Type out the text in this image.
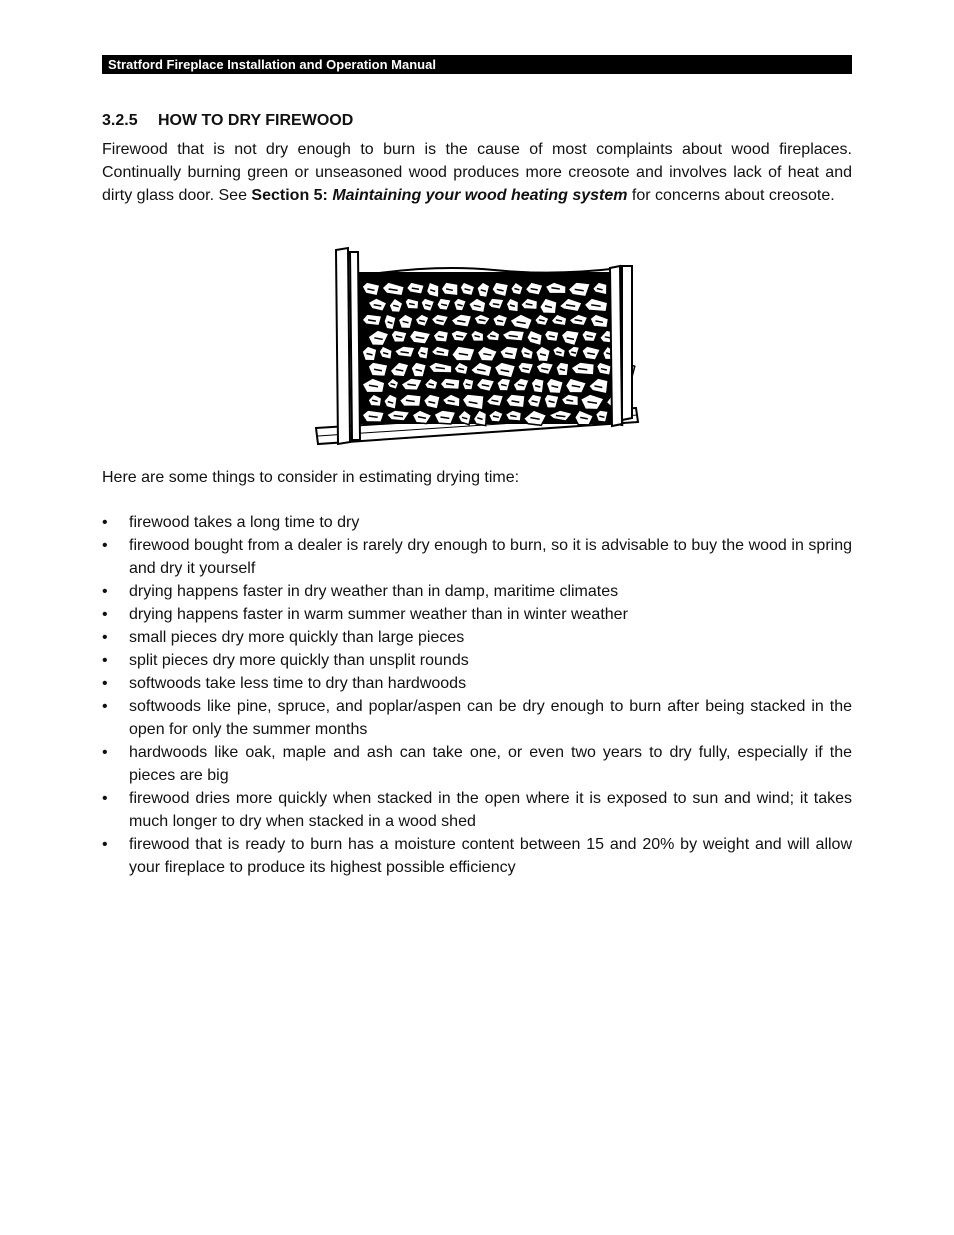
Stratford Fireplace Installation and Operation Manual
3.2.5 HOW TO DRY FIREWOOD

Firewood that is not dry enough to burn is the cause of most complaints about wood fireplaces. Continually burning green or unseasoned wood produces more creosote and involves lack of heat and dirty glass door. See Section 5: Maintaining your wood heating system for concerns about creosote.

Here are some things to consider in estimating drying time:

• firewood takes a long time to dry
• firewood bought from a dealer is rarely dry enough to burn, so it is advisable to buy the wood in spring and dry it yourself
• drying happens faster in dry weather than in damp, maritime climates
• drying happens faster in warm summer weather than in winter weather
• small pieces dry more quickly than large pieces
• split pieces dry more quickly than unsplit rounds
• softwoods take less time to dry than hardwoods
• softwoods like pine, spruce, and poplar/aspen can be dry enough to burn after being stacked in the open for only the summer months
• hardwoods like oak, maple and ash can take one, or even two years to dry fully, especially if the pieces are big
• firewood dries more quickly when stacked in the open where it is exposed to sun and wind; it takes much longer to dry when stacked in a wood shed
• firewood that is ready to burn has a moisture content between 15 and 20% by weight and will allow your fireplace to produce its highest possible efficiency
